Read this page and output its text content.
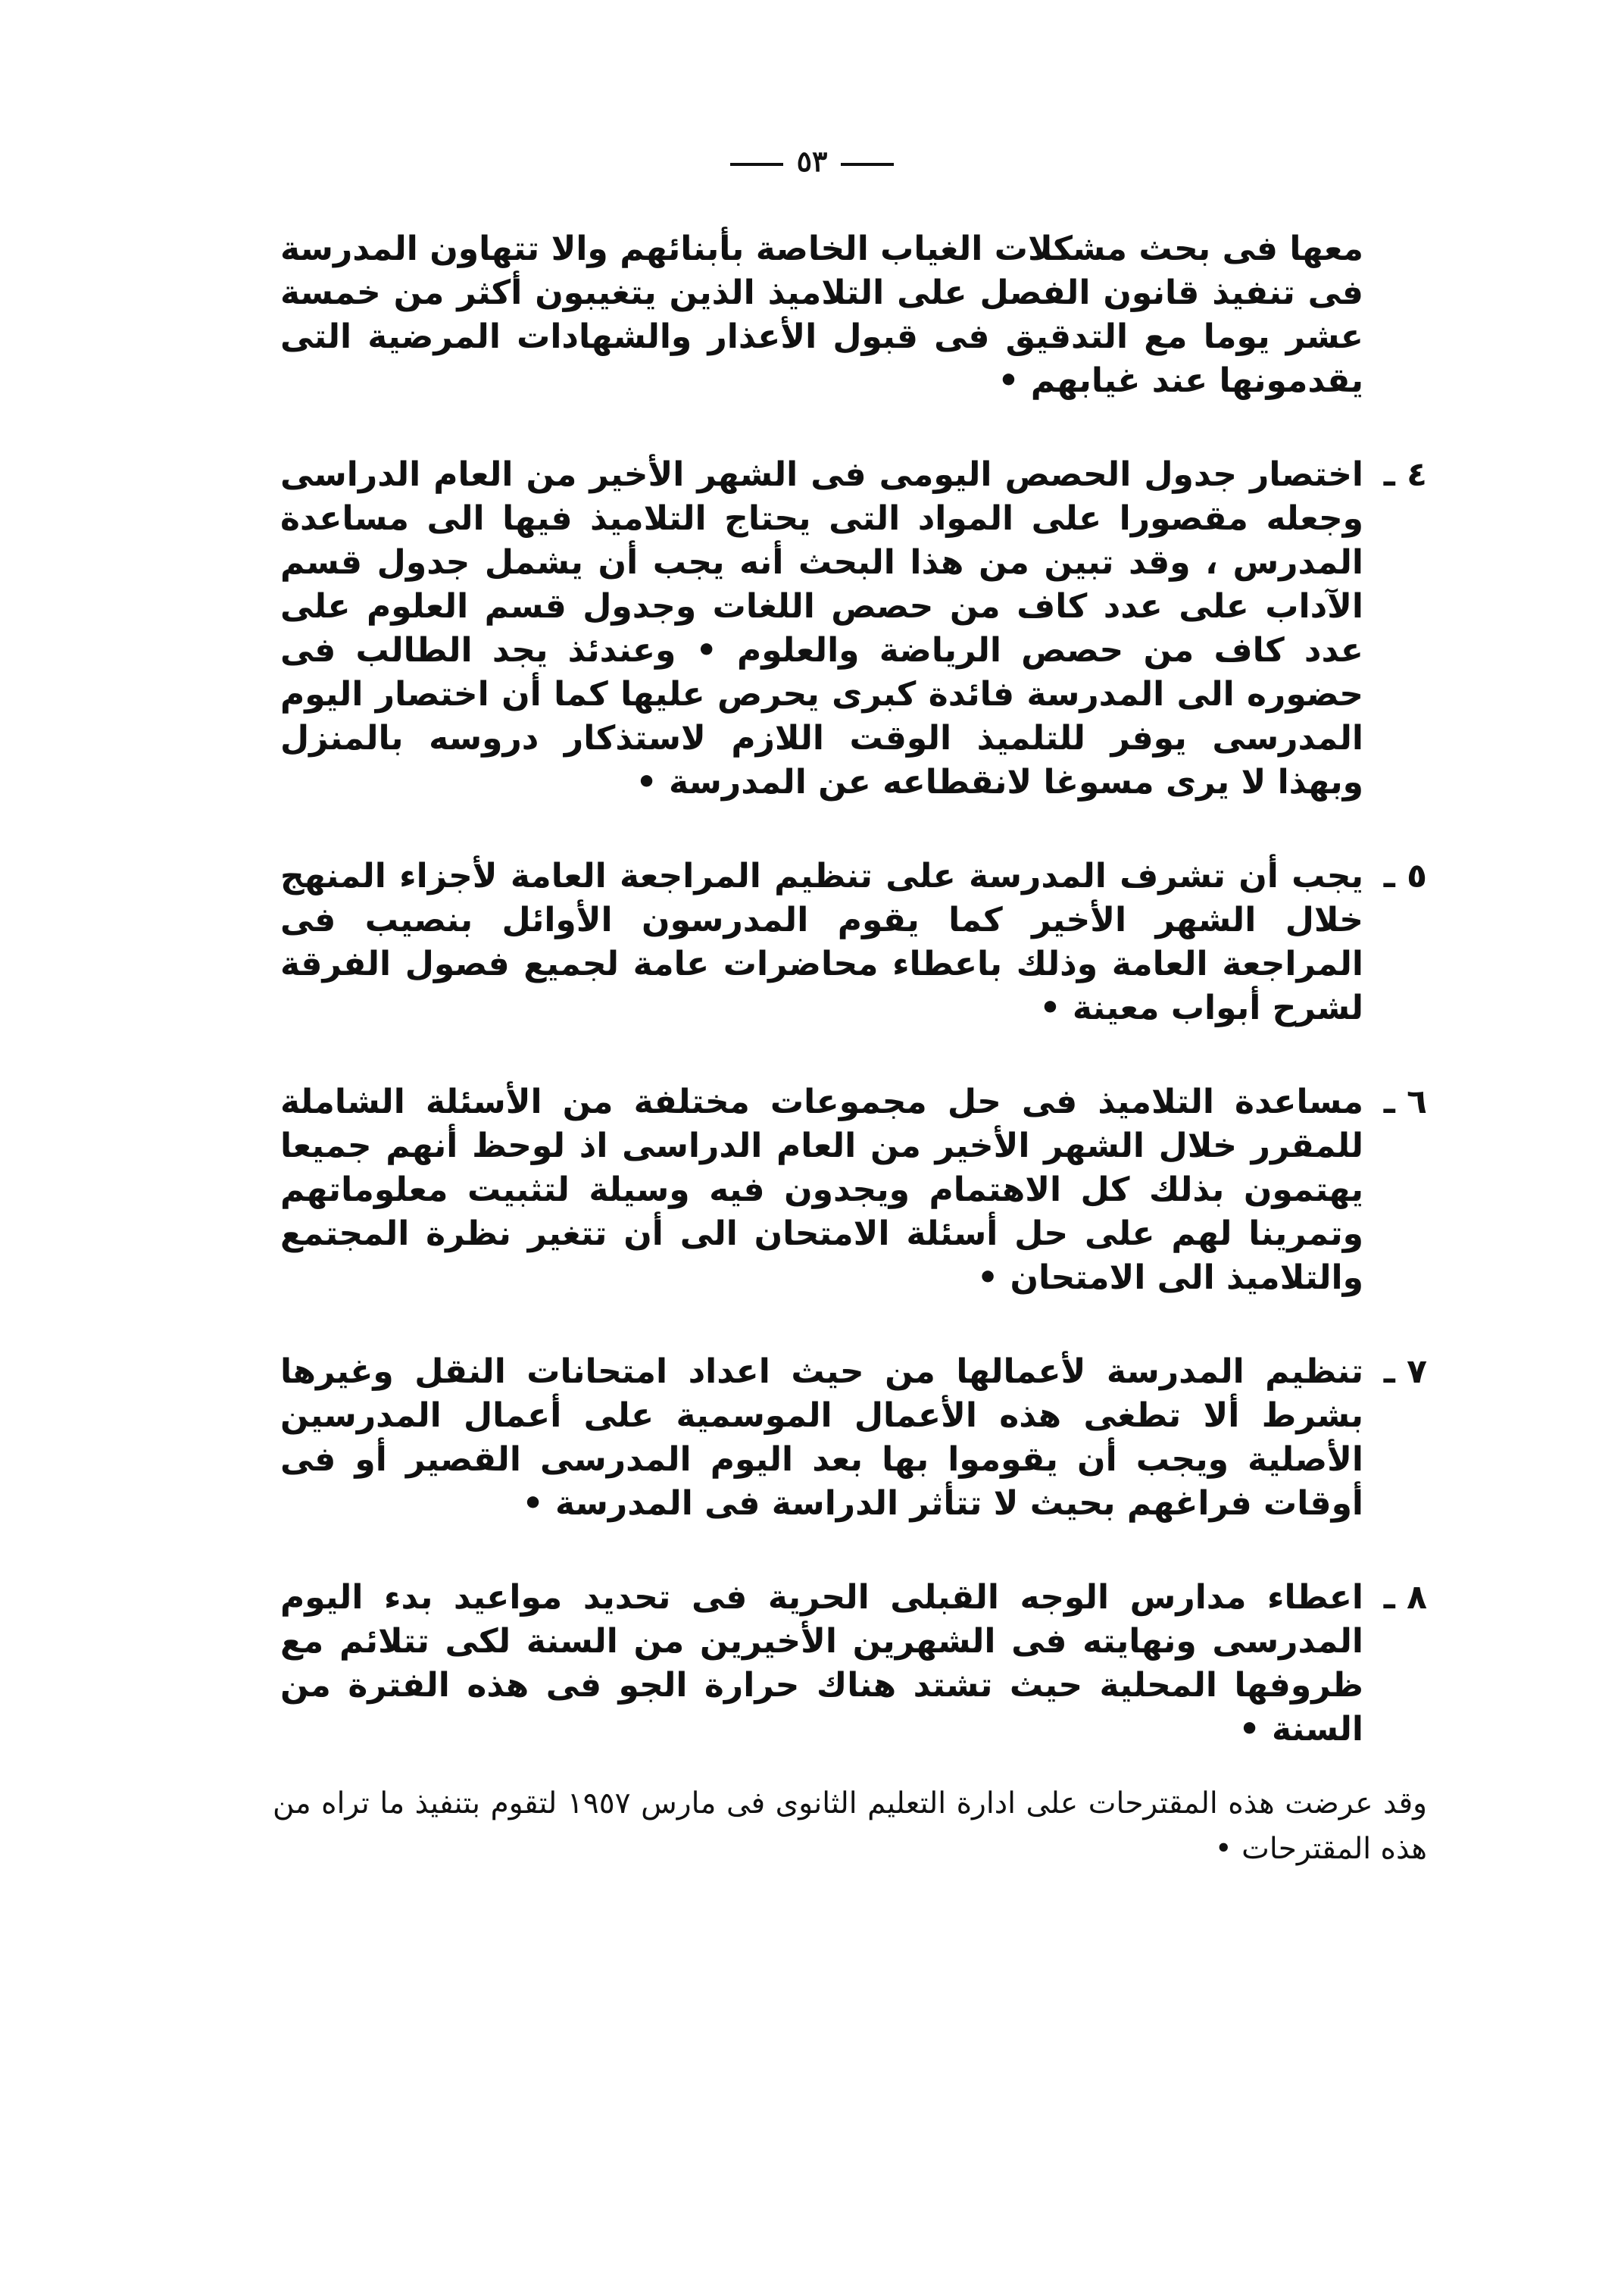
٥٣

معها فى بحث مشكلات الغياب الخاصة بأبنائهم والا تتهاون المدرسة فى تنفيذ قانون الفصل على التلاميذ الذين يتغيبون أكثر من خمسة عشر يوما مع التدقيق فى قبول الأعذار والشهادات المرضية التى يقدمونها عند غيابهم •

٤ ـ

اختصار جدول الحصص اليومى فى الشهر الأخير من العام الدراسى وجعله مقصورا على المواد التى يحتاج التلاميذ فيها الى مساعدة المدرس ، وقد تبين من هذا البحث أنه يجب أن يشمل جدول قسم الآداب على عدد كاف من حصص اللغات وجدول قسم العلوم على عدد كاف من حصص الرياضة والعلوم • وعندئذ يجد الطالب فى حضوره الى المدرسة فائدة كبرى يحرص عليها كما أن اختصار اليوم المدرسى يوفر للتلميذ الوقت اللازم لاستذكار دروسه بالمنزل وبهذا لا يرى مسوغا لانقطاعه عن المدرسة •

٥ ـ

يجب أن تشرف المدرسة على تنظيم المراجعة العامة لأجزاء المنهج خلال الشهر الأخير كما يقوم المدرسون الأوائل بنصيب فى المراجعة العامة وذلك باعطاء محاضرات عامة لجميع فصول الفرقة لشرح أبواب معينة •

٦ ـ

مساعدة التلاميذ فى حل مجموعات مختلفة من الأسئلة الشاملة للمقرر خلال الشهر الأخير من العام الدراسى اذ لوحظ أنهم جميعا يهتمون بذلك كل الاهتمام ويجدون فيه وسيلة لتثبيت معلوماتهم وتمرينا لهم على حل أسئلة الامتحان الى أن تتغير نظرة المجتمع والتلاميذ الى الامتحان •

٧ ـ

تنظيم المدرسة لأعمالها من حيث اعداد امتحانات النقل وغيرها بشرط ألا تطغى هذه الأعمال الموسمية على أعمال المدرسين الأصلية ويجب أن يقوموا بها بعد اليوم المدرسى القصير أو فى أوقات فراغهم بحيث لا تتأثر الدراسة فى المدرسة •

٨ ـ

اعطاء مدارس الوجه القبلى الحرية فى تحديد مواعيد بدء اليوم المدرسى ونهايته فى الشهرين الأخيرين من السنة لكى تتلائم مع ظروفها المحلية حيث تشتد هناك حرارة الجو فى هذه الفترة من السنة •

وقد عرضت هذه المقترحات على ادارة التعليم الثانوى فى مارس ١٩٥٧ لتقوم بتنفيذ ما تراه من هذه المقترحات •
